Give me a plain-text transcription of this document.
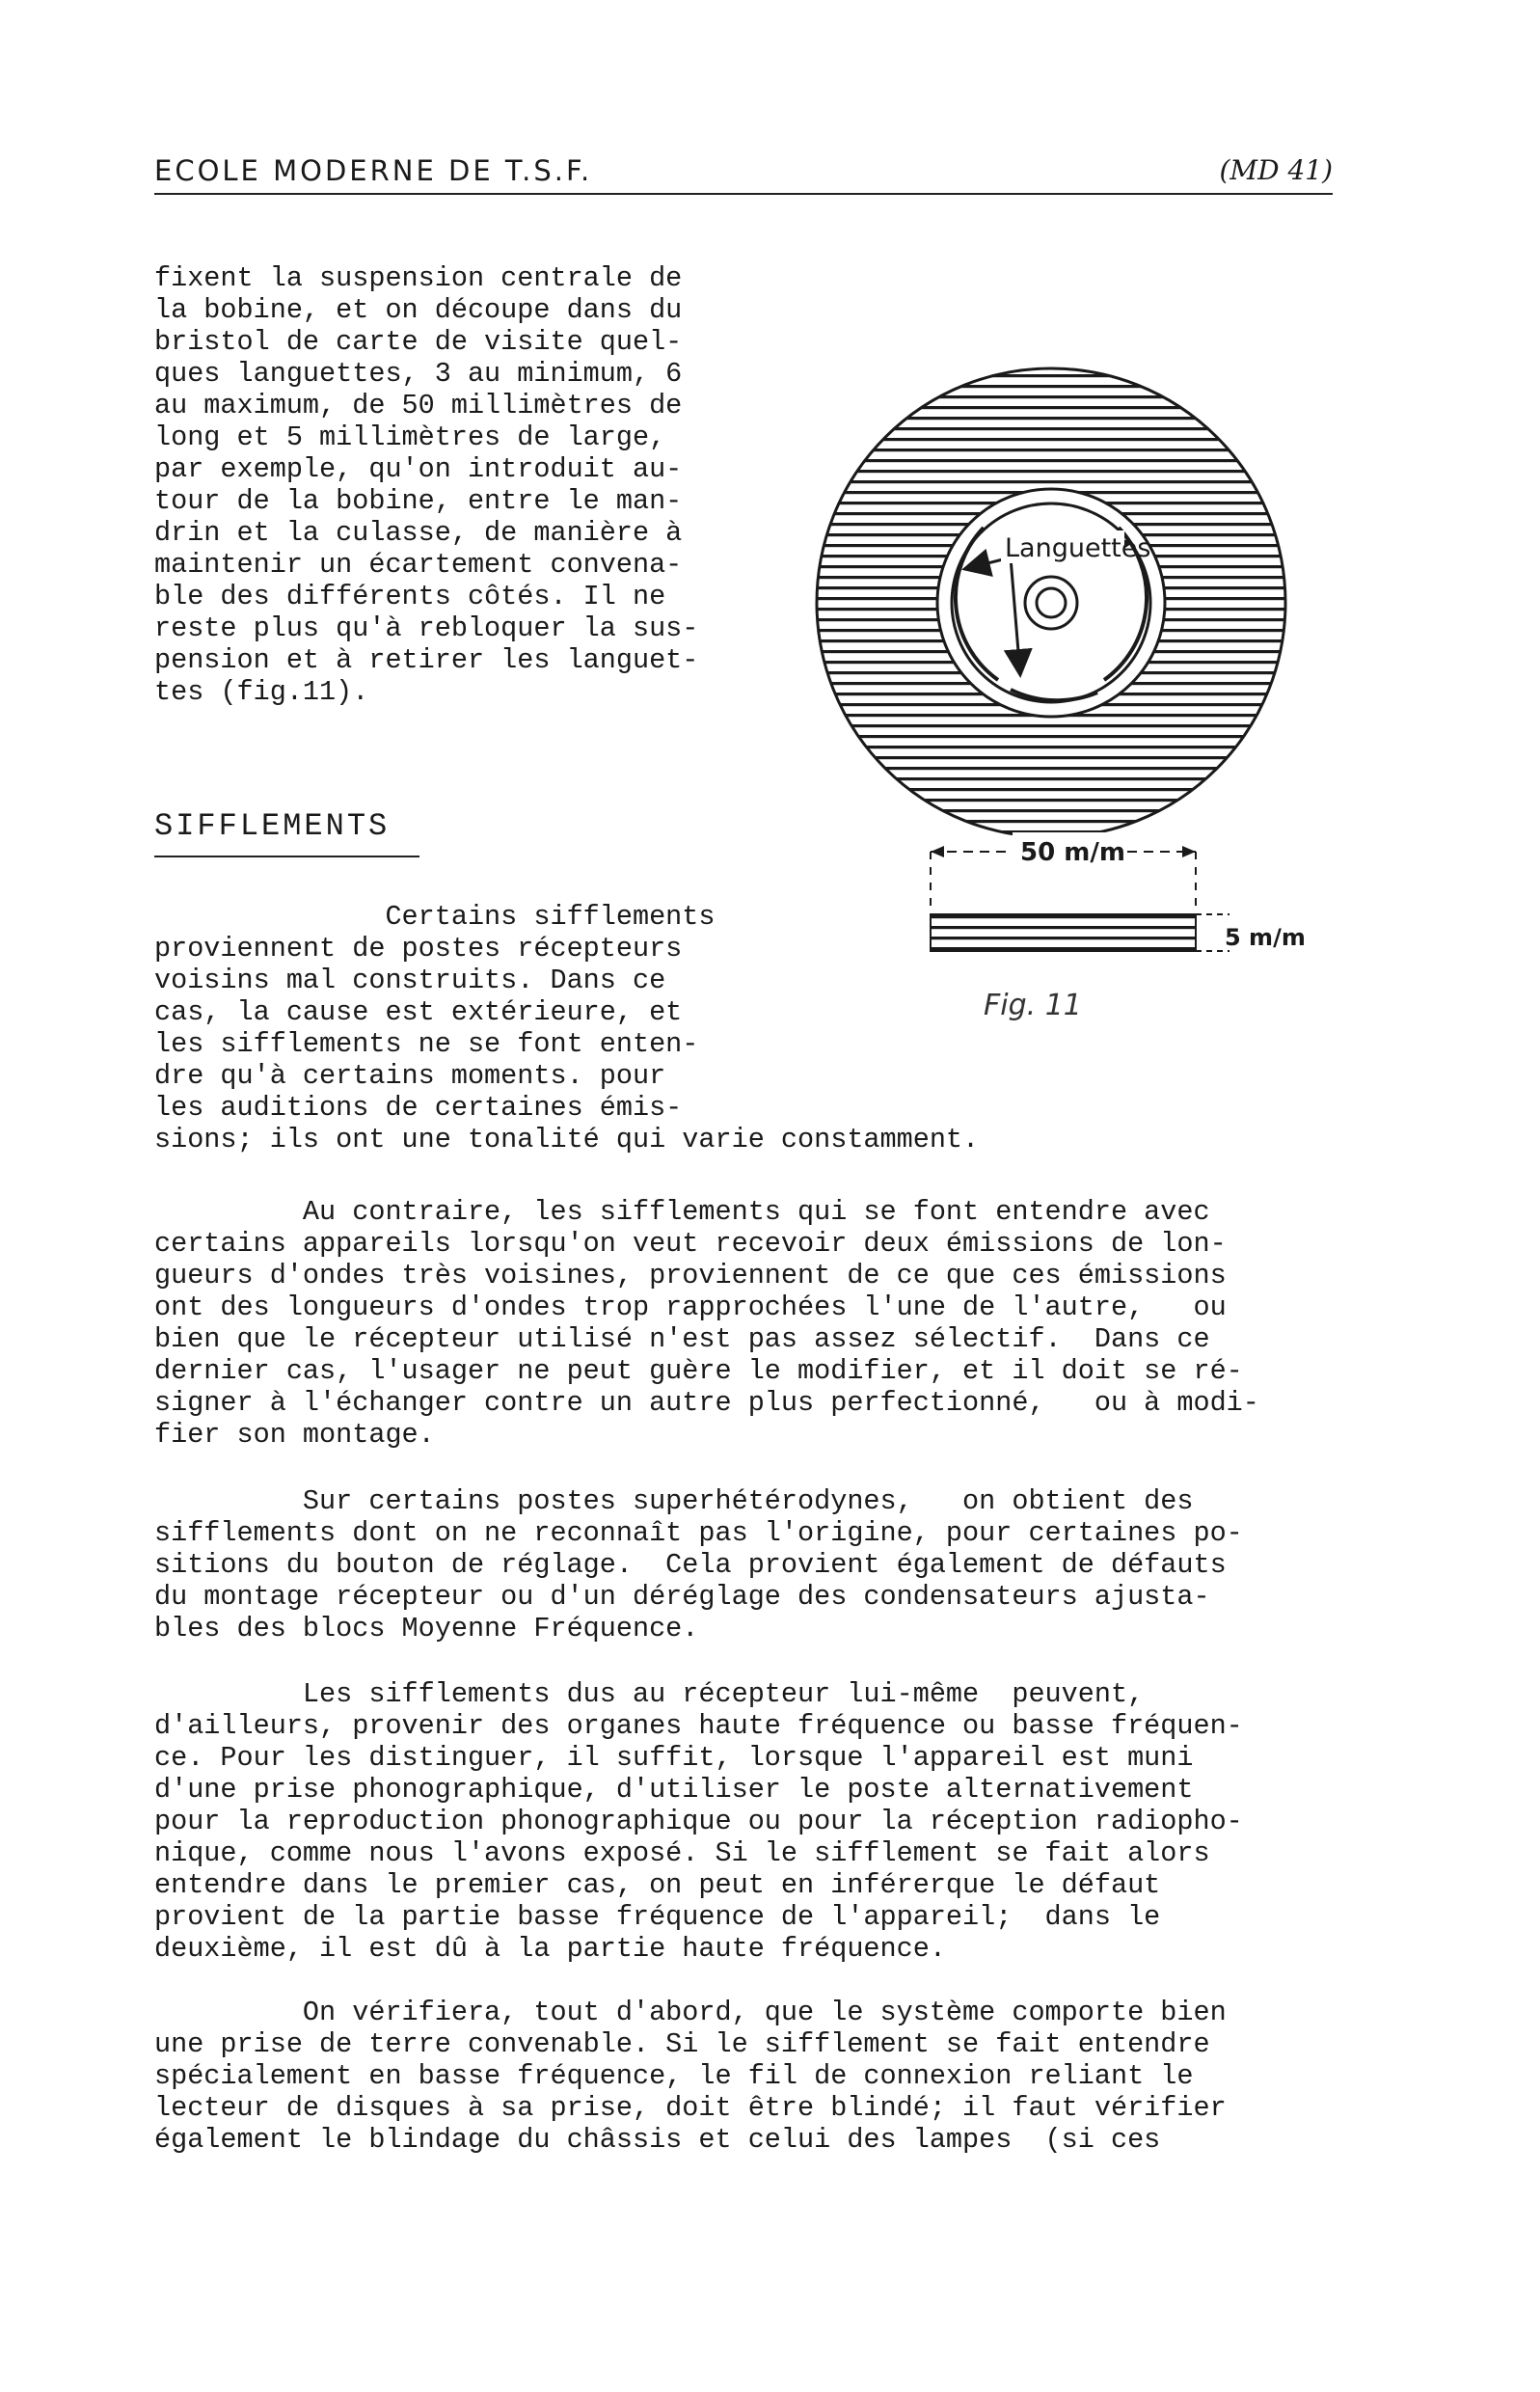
ECOLE MODERNE DE T.S.F.	(MD 41)
fixent la suspension centrale de
la bobine, et on découpe dans du
bristol de carte de visite quel-
ques languettes, 3 au minimum, 6
au maximum, de 50 millimètres de
long et 5 millimètres de large,
par exemple, qu'on introduit au-
tour de la bobine, entre le man-
drin et la culasse, de manière à
maintenir un écartement convena-
ble des différents côtés. Il ne
reste plus qu'à rebloquer la sus-
pension et à retirer les languet-
tes (fig.11).
SIFFLEMENTS
Languettes
50 m/m
5 m/m
Fig. 11
Certains sifflements
proviennent de postes récepteurs
voisins mal construits. Dans ce
cas, la cause est extérieure, et
les sifflements ne se font enten-
dre qu'à certains moments. pour
les auditions de certaines émis-
sions; ils ont une tonalité qui varie constamment.
Au contraire, les sifflements qui se font entendre avec
certains appareils lorsqu'on veut recevoir deux émissions de lon-
gueurs d'ondes très voisines, proviennent de ce que ces émissions
ont des longueurs d'ondes trop rapprochées l'une de l'autre,   ou
bien que le récepteur utilisé n'est pas assez sélectif.  Dans ce
dernier cas, l'usager ne peut guère le modifier, et il doit se ré-
signer à l'échanger contre un autre plus perfectionné,   ou à modi-
fier son montage.
Sur certains postes superhétérodynes,   on obtient des
sifflements dont on ne reconnaît pas l'origine, pour certaines po-
sitions du bouton de réglage.  Cela provient également de défauts
du montage récepteur ou d'un déréglage des condensateurs ajusta-
bles des blocs Moyenne Fréquence.
Les sifflements dus au récepteur lui-même  peuvent,
d'ailleurs, provenir des organes haute fréquence ou basse fréquen-
ce. Pour les distinguer, il suffit, lorsque l'appareil est muni
d'une prise phonographique, d'utiliser le poste alternativement
pour la reproduction phonographique ou pour la réception radiopho-
nique, comme nous l'avons exposé. Si le sifflement se fait alors
entendre dans le premier cas, on peut en inférerque le défaut
provient de la partie basse fréquence de l'appareil;  dans le
deuxième, il est dû à la partie haute fréquence.
On vérifiera, tout d'abord, que le système comporte bien
une prise de terre convenable. Si le sifflement se fait entendre
spécialement en basse fréquence, le fil de connexion reliant le
lecteur de disques à sa prise, doit être blindé; il faut vérifier
également le blindage du châssis et celui des lampes  (si ces
